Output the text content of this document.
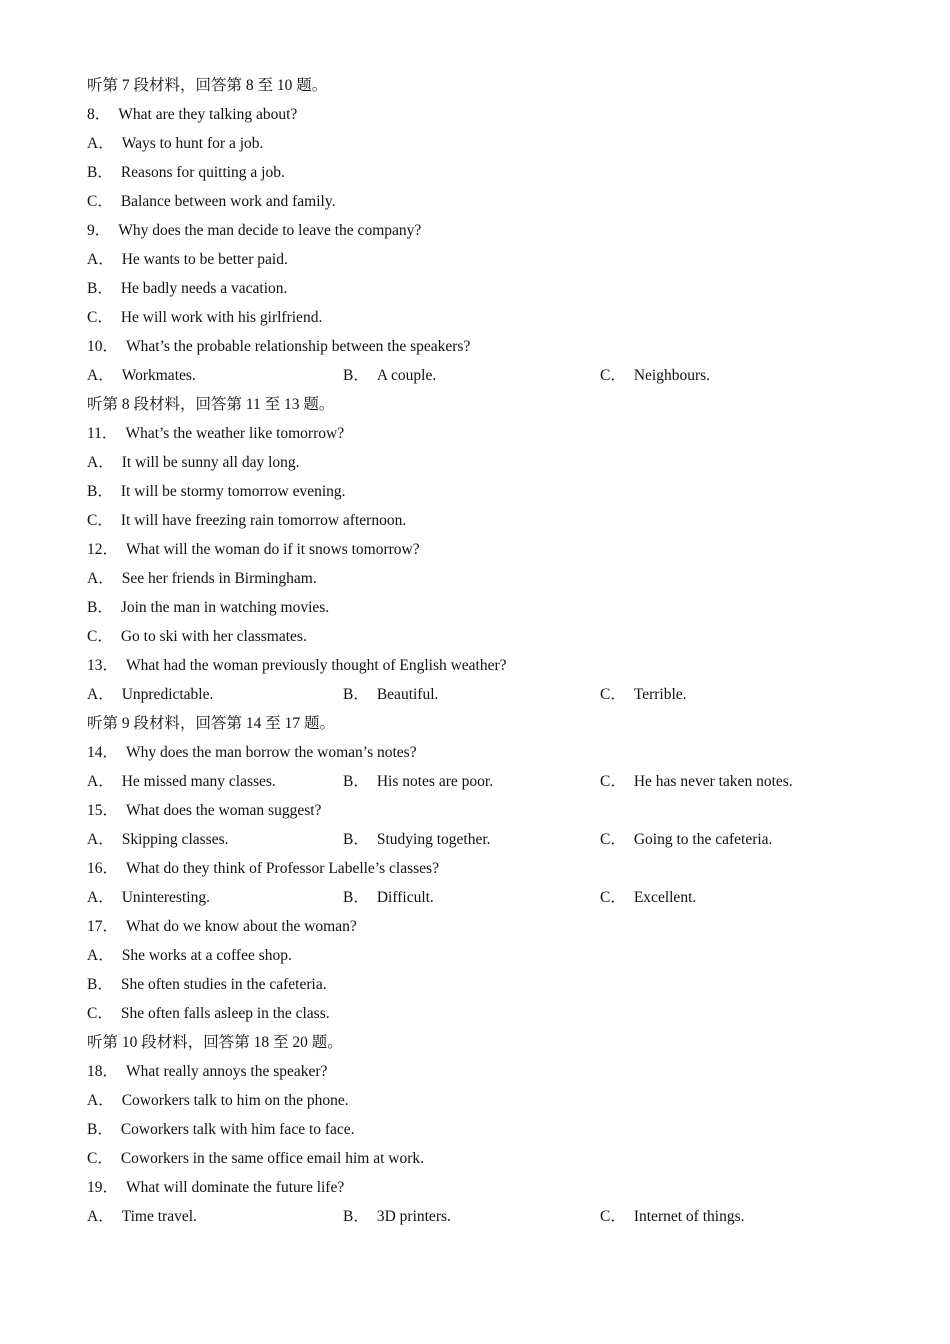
听第 7 段材料，回答第 8 至 10 题。
8． What are they talking about?
A． Ways to hunt for a job.
B． Reasons for quitting a job.
C． Balance between work and family.
9． Why does the man decide to leave the company?
A． He wants to be better paid.
B． He badly needs a vacation.
C． He will work with his girlfriend.
10． What’s the probable relationship between the speakers?
A． Workmates.	B． A couple.	C． Neighbours.
听第 8 段材料，回答第 11 至 13 题。
11． What’s the weather like tomorrow?
A． It will be sunny all day long.
B． It will be stormy tomorrow evening.
C． It will have freezing rain tomorrow afternoon.
12． What will the woman do if it snows tomorrow?
A． See her friends in Birmingham.
B． Join the man in watching movies.
C． Go to ski with her classmates.
13． What had the woman previously thought of English weather?
A． Unpredictable.	B． Beautiful.	C． Terrible.
听第 9 段材料，回答第 14 至 17 题。
14． Why does the man borrow the woman’s notes?
A． He missed many classes.	B． His notes are poor.	C． He has never taken notes.
15． What does the woman suggest?
A． Skipping classes.	B． Studying together.	C． Going to the cafeteria.
16． What do they think of Professor Labelle’s classes?
A． Uninteresting.	B． Difficult.	C． Excellent.
17． What do we know about the woman?
A． She works at a coffee shop.
B． She often studies in the cafeteria.
C． She often falls asleep in the class.
听第 10 段材料，回答第 18 至 20 题。
18． What really annoys the speaker?
A． Coworkers talk to him on the phone.
B． Coworkers talk with him face to face.
C． Coworkers in the same office email him at work.
19． What will dominate the future life?
A． Time travel.	B． 3D printers.	C． Internet of things.
